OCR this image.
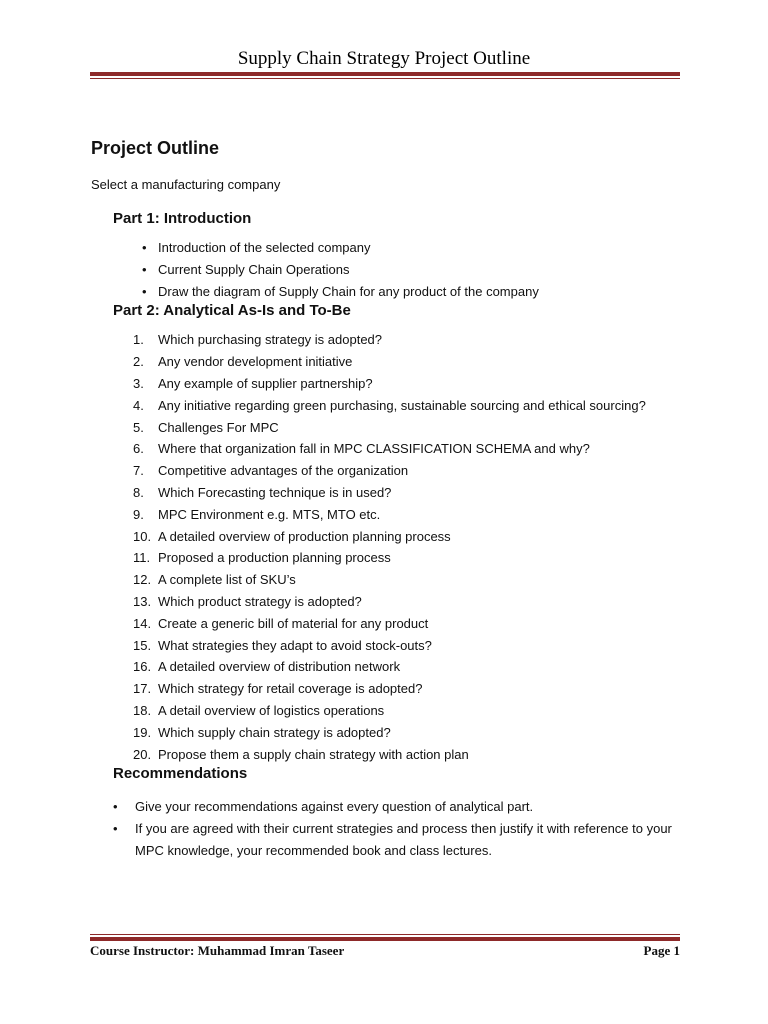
Supply Chain Strategy Project Outline
Project Outline
Select a manufacturing company
Part 1: Introduction
• Introduction of the selected company
• Current Supply Chain Operations
• Draw the diagram of Supply Chain for any product of the company
Part 2: Analytical As-Is and To-Be
1.	Which purchasing strategy is adopted?
2.	Any vendor development initiative
3.	Any example of supplier partnership?
4.	Any initiative regarding green purchasing, sustainable sourcing and ethical sourcing?
5.	Challenges For MPC
6.	Where that organization fall in MPC CLASSIFICATION SCHEMA and why?
7.	Competitive advantages of the organization
8.	Which Forecasting technique is in used?
9.	MPC Environment e.g. MTS, MTO etc.
10. A detailed overview of production planning process
11. Proposed a production planning process
12. A complete list of SKU’s
13. Which product strategy is adopted?
14. Create a generic bill of material for any product
15. What strategies they adapt to avoid stock-outs?
16. A detailed overview of distribution network
17. Which strategy for retail coverage is adopted?
18. A detail overview of logistics operations
19. Which supply chain strategy is adopted?
20. Propose them a supply chain strategy with action plan
Recommendations
• Give your recommendations against every question of analytical part.
• If you are agreed with their current strategies and process then justify it with reference to your MPC knowledge, your recommended book and class lectures.
Course Instructor: Muhammad Imran Taseer	Page 1
